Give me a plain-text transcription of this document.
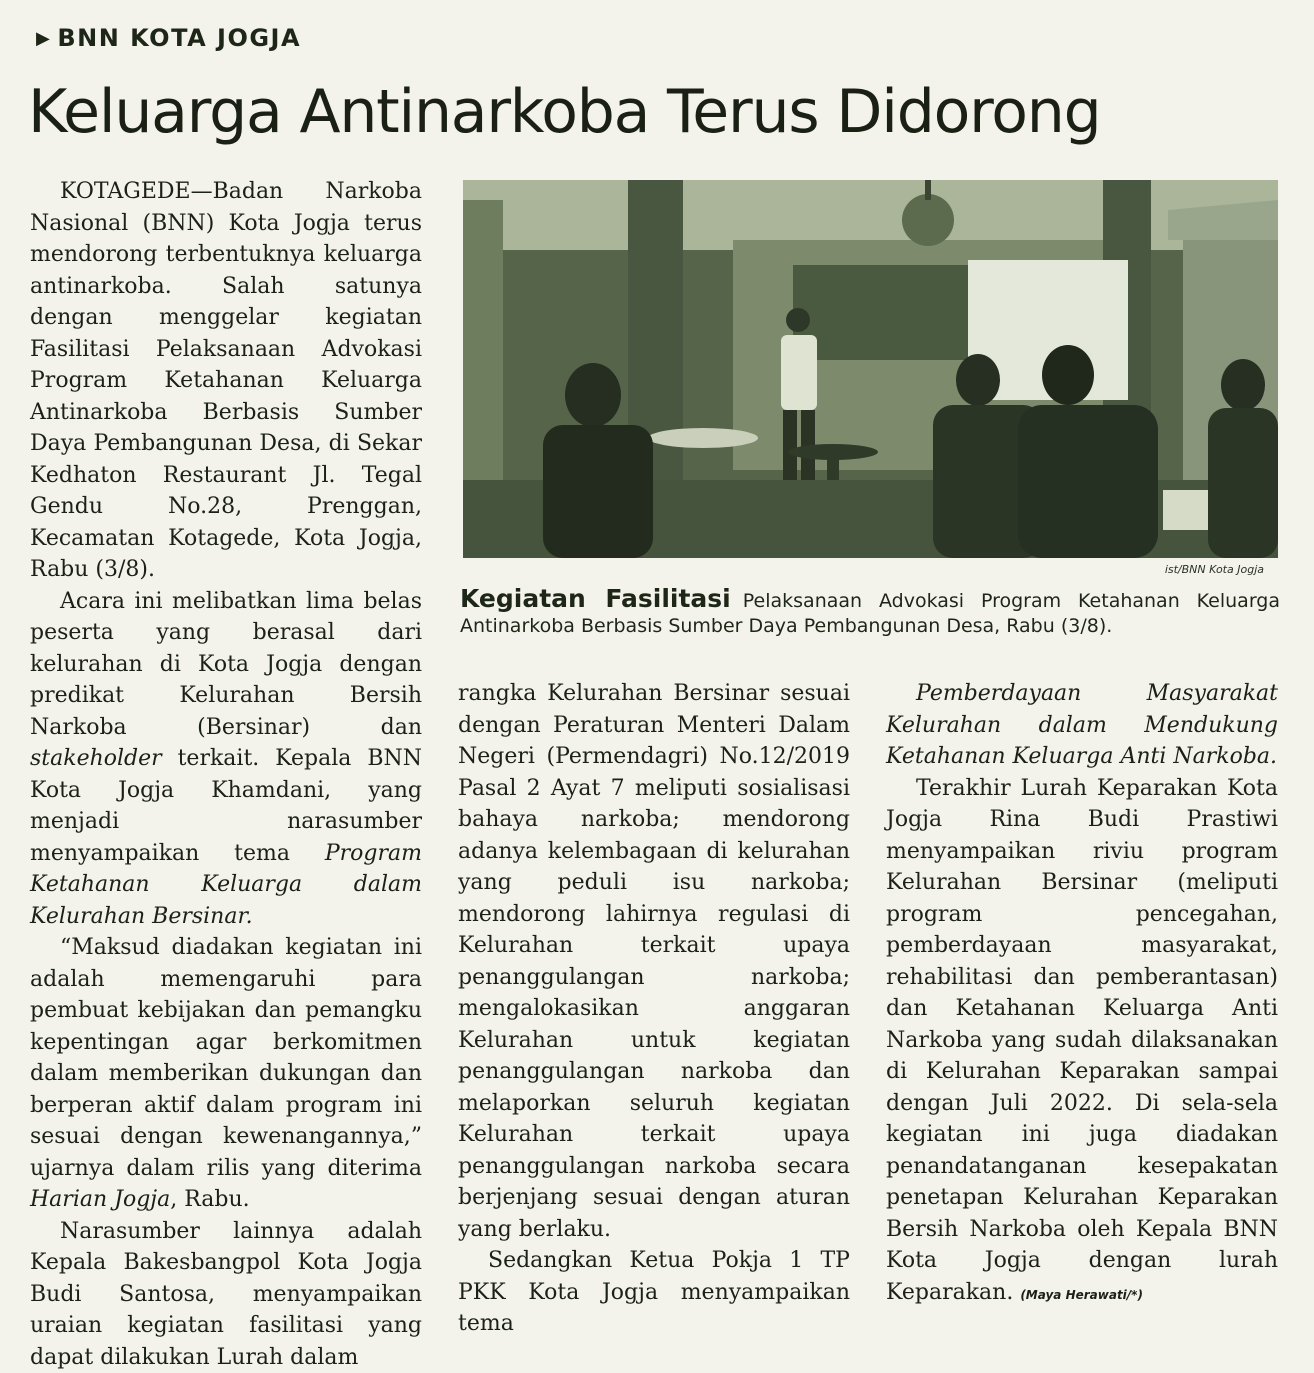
▶ BNN KOTA JOGJA
Keluarga Antinarkoba Terus Didorong

KOTAGEDE—Badan Narkoba Nasional (BNN) Kota Jogja terus mendorong terbentuknya keluarga antinarkoba. Salah satunya dengan menggelar kegiatan Fasilitasi Pelaksanaan Advokasi Program Ketahanan Keluarga Antinarkoba Berbasis Sumber Daya Pembangunan Desa, di Sekar Kedhaton Restaurant Jl. Tegal Gendu No.28, Prenggan, Kecamatan Kotagede, Kota Jogja, Rabu (3/8).

Acara ini melibatkan lima belas peserta yang berasal dari kelurahan di Kota Jogja dengan predikat Kelurahan Bersih Narkoba (Bersinar) dan stakeholder terkait. Kepala BNN Kota Jogja Khamdani, yang menjadi narasumber menyampaikan tema Program Ketahanan Keluarga dalam Kelurahan Bersinar.

“Maksud diadakan kegiatan ini adalah memengaruhi para pembuat kebijakan dan pemangku kepentingan agar berkomitmen dalam memberikan dukungan dan berperan aktif dalam program ini sesuai dengan kewenangannya,” ujarnya dalam rilis yang diterima Harian Jogja, Rabu.

Narasumber lainnya adalah Kepala Bakesbangpol Kota Jogja Budi Santosa, menyampaikan uraian kegiatan fasilitasi yang dapat dilakukan Lurah dalam

ist/BNN Kota Jogja
Kegiatan Fasilitasi Pelaksanaan Advokasi Program Ketahanan Keluarga Antinarkoba Berbasis Sumber Daya Pembangunan Desa, Rabu (3/8).

rangka Kelurahan Bersinar sesuai dengan Peraturan Menteri Dalam Negeri (Permendagri) No.12/2019 Pasal 2 Ayat 7 meliputi sosialisasi bahaya narkoba; mendorong adanya kelembagaan di kelurahan yang peduli isu narkoba; mendorong lahirnya regulasi di Kelurahan terkait upaya penanggulangan narkoba; mengalokasikan anggaran Kelurahan untuk kegiatan penanggulangan narkoba dan melaporkan seluruh kegiatan Kelurahan terkait upaya penanggulangan narkoba secara berjenjang sesuai dengan aturan yang berlaku.

Sedangkan Ketua Pokja 1 TP PKK Kota Jogja menyampaikan tema

Pemberdayaan Masyarakat Kelurahan dalam Mendukung Ketahanan Keluarga Anti Narkoba.

Terakhir Lurah Keparakan Kota Jogja Rina Budi Prastiwi menyampaikan riviu program Kelurahan Bersinar (meliputi program pencegahan, pemberdayaan masyarakat, rehabilitasi dan pemberantasan) dan Ketahanan Keluarga Anti Narkoba yang sudah dilaksanakan di Kelurahan Keparakan sampai dengan Juli 2022. Di sela-sela kegiatan ini juga diadakan penandatanganan kesepakatan penetapan Kelurahan Keparakan Bersih Narkoba oleh Kepala BNN Kota Jogja dengan lurah Keparakan. (Maya Herawati/*)
